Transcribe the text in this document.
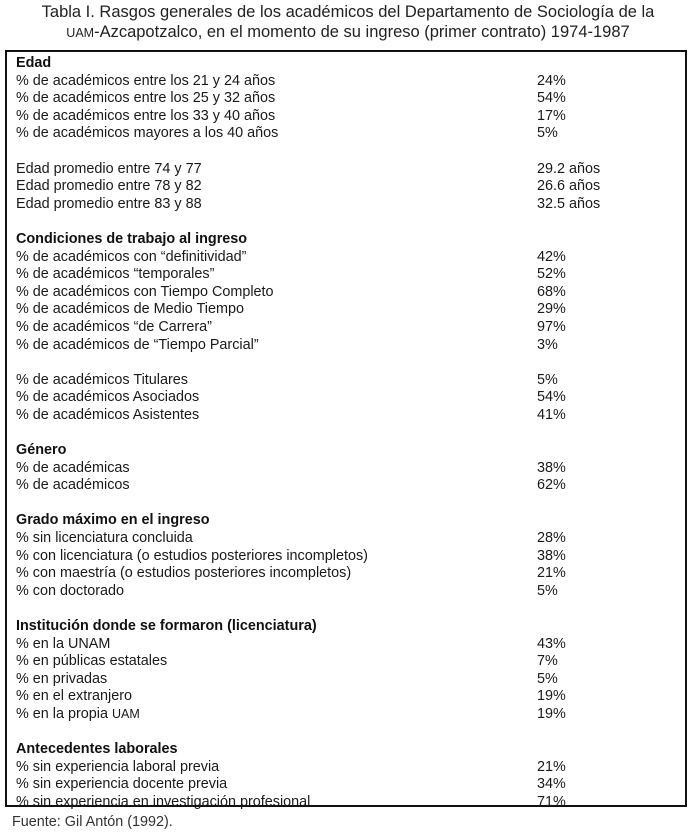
Tabla I. Rasgos generales de los académicos del Departamento de Sociología de la
UAM-Azcapotzalco, en el momento de su ingreso (primer contrato) 1974-1987
Edad
% de académicos entre los 21 y 24 años	24%
% de académicos entre los 25 y 32 años	54%
% de académicos entre los 33 y 40 años	17%
% de académicos mayores a los 40 años	5%
Edad promedio entre 74 y 77	29.2 años
Edad promedio entre 78 y 82	26.6 años
Edad promedio entre 83 y 88	32.5 años
Condiciones de trabajo al ingreso
% de académicos con “definitividad”	42%
% de académicos “temporales”	52%
% de académicos con Tiempo Completo	68%
% de académicos de Medio Tiempo	29%
% de académicos “de Carrera”	97%
% de académicos de “Tiempo Parcial”	3%
% de académicos Titulares	5%
% de académicos Asociados	54%
% de académicos Asistentes	41%
Género
% de académicas	38%
% de académicos	62%
Grado máximo en el ingreso
% sin licenciatura concluida	28%
% con licenciatura (o estudios posteriores incompletos)	38%
% con maestría (o estudios posteriores incompletos)	21%
% con doctorado	5%
Institución donde se formaron (licenciatura)
% en la UNAM	43%
% en públicas estatales	7%
% en privadas	5%
% en el extranjero	19%
% en la propia UAM	19%
Antecedentes laborales
% sin experiencia laboral previa	21%
% sin experiencia docente previa	34%
% sin experiencia en investigación profesional	71%
Fuente: Gil Antón (1992).
